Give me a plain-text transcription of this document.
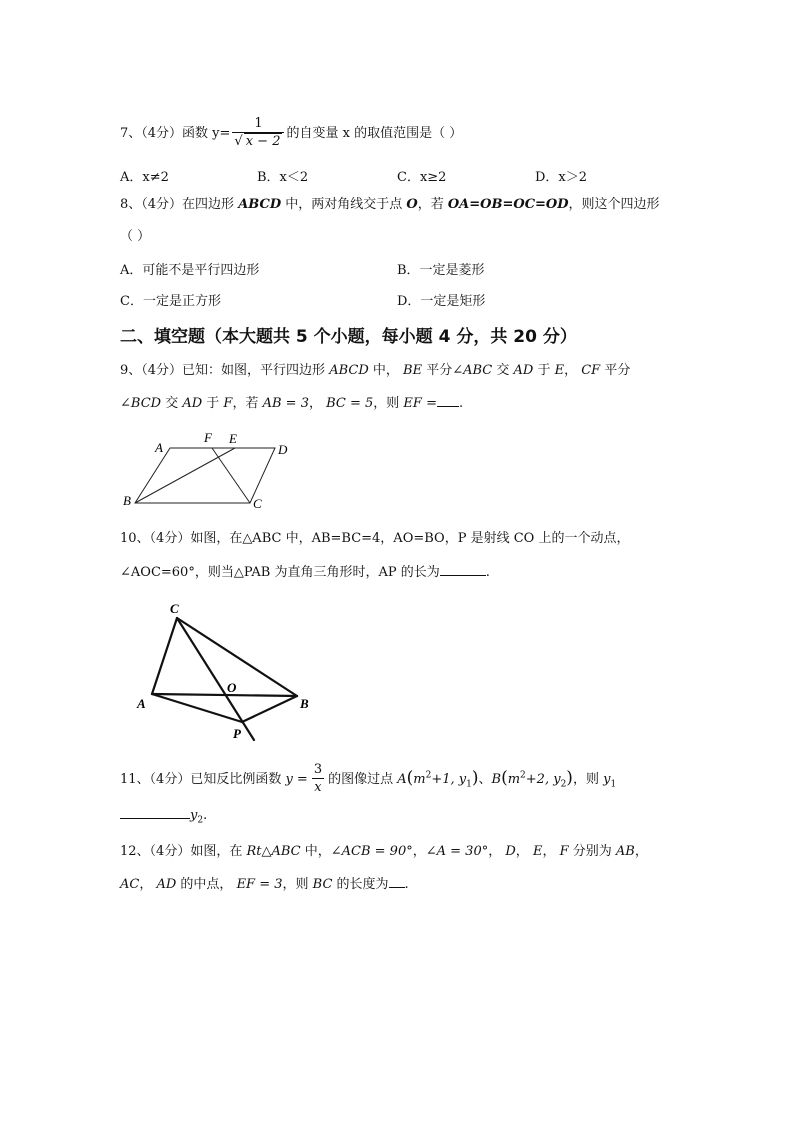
7、（4分）函数 $y= \frac{1}{√ x - 2}$ 的自变量 x 的取值范围是（ ）
A．x≠2	B．x＜2	C．x≥2	D．x＞2
8、（4分）在四边形 ABCD 中，两对角线交于点 O，若 OA=OB=OC=OD，则这个四边形
（ ）
A．可能不是平行四边形	B．一定是菱形
C．一定是正方形	D．一定是矩形
二、填空题（本大题共 5 个小题，每小题 4 分，共 20 分）
9、（4分）已知：如图，平行四边形 ABCD 中， BE 平分∠ABC 交 AD 于 E， CF 平分
∠BCD 交 AD 于 F，若 AB = 3， BC = 5，则 EF = .
A
B	C
D
E
F
10、（4分）如图，在△ABC 中，AB=BC=4，AO=BO，P 是射线 CO 上的一个动点，
∠AOC=60°，则当△PAB 为直角三角形时，AP 的长为	.
C
A	B
O
P
11、（4分）已知反比例函数 $y = \frac{3}{x}$ 的图像过点 $A(m^2+1$, $y_1$)、$B(m^2+2$, $y_2$)，则 $y_1$
$y_2$.
12、（4分）如图，在 Rt△ABC 中，∠ACB = 90°，∠A = 30°， D， E， F 分别为 AB，
AC， AD 的中点， EF = 3，则 BC 的长度为 .
